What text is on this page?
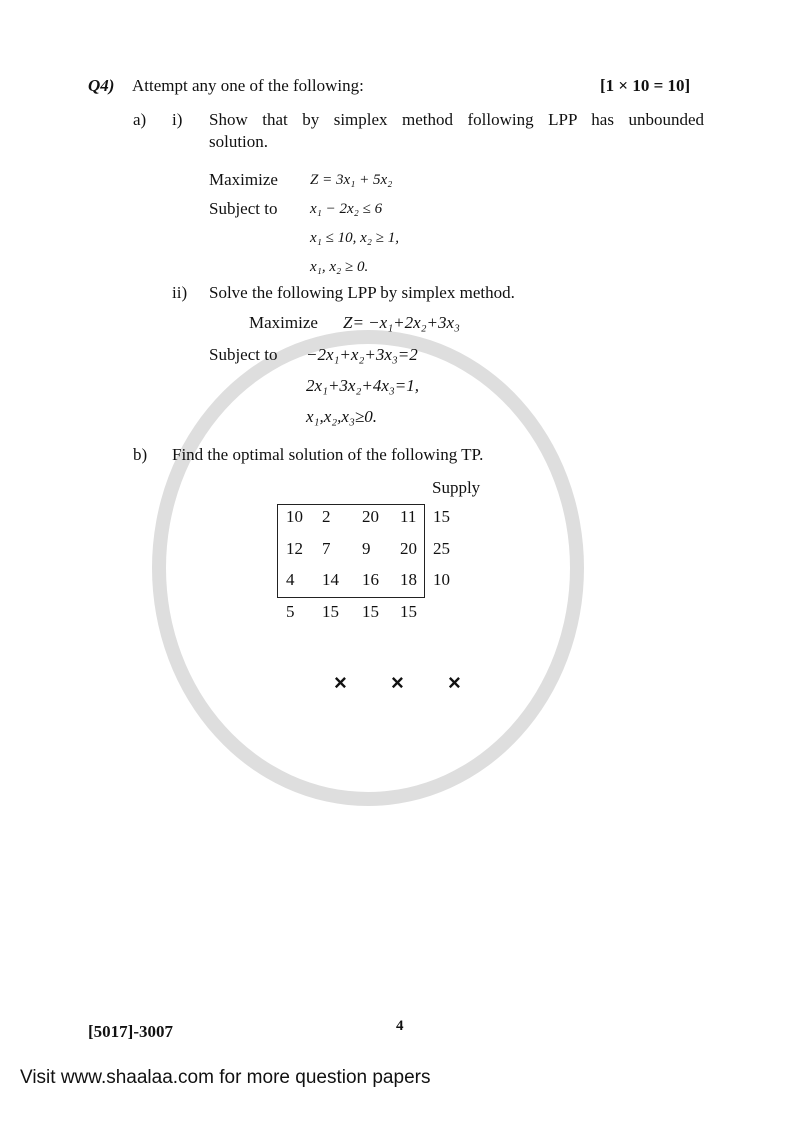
Q4) Attempt any one of the following:	[1 × 10 = 10]
a) i) Show that by simplex method following LPP has unbounded
solution.
Maximize Z = 3x₁ + 5x₂
Subject to x₁ − 2x₂ ≤ 6
x₁ ≤ 10, x₂ ≥ 1,
x₁, x₂ ≥ 0.
ii) Solve the following LPP by simplex method.
Maximize Z= −x₁+2x₂+3x₃
Subject to −2x₁+x₂+3x₃=2
2x₁+3x₂+4x₃=1,
x₁,x₂,x₃≥0.
b) Find the optimal solution of the following TP.
Supply
10 2 20 11
12 7 9 20
4 14 16 18
15
25
10
5 15 15 15
× × ×
[5017]-3007	4
Visit www.shaalaa.com for more question papers
